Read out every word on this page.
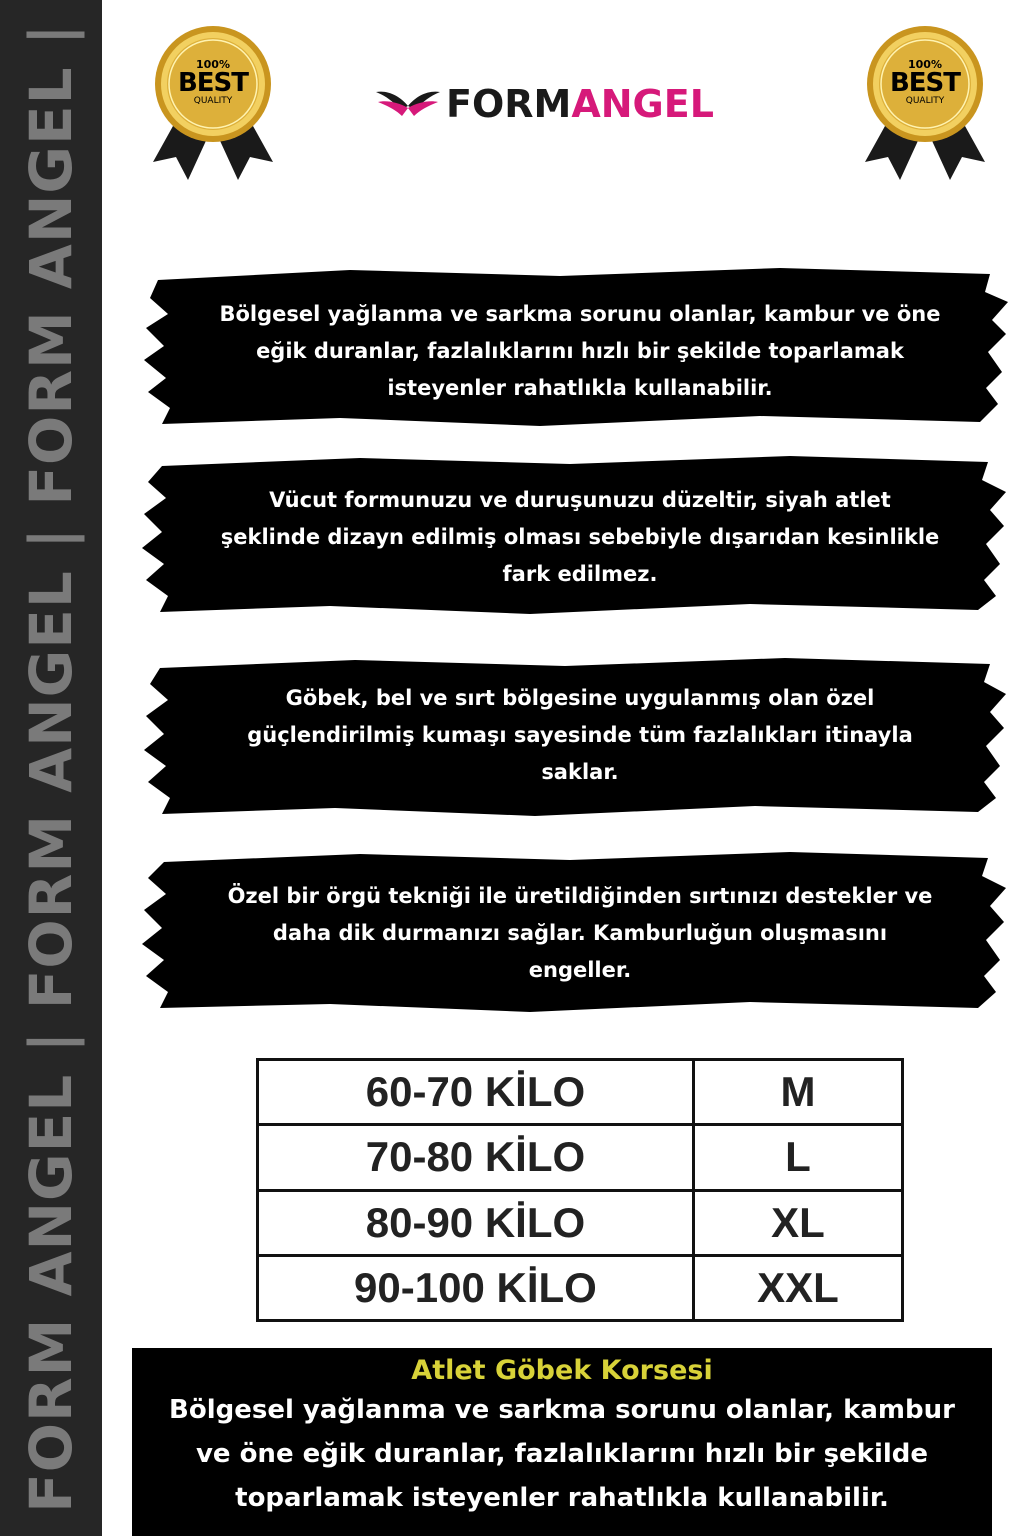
FORM ANGEL | FORM ANGEL | FORM ANGEL |	100%
BEST
QUALITY
100%
BEST
QUALITY
FORMANGEL
Bölgesel yağlanma ve sarkma sorunu olanlar, kambur ve öne
eğik duranlar, fazlalıklarını hızlı bir şekilde toparlamak
isteyenler rahatlıkla kullanabilir.
Vücut formunuzu ve duruşunuzu düzeltir, siyah atlet
şeklinde dizayn edilmiş olması sebebiyle dışarıdan kesinlikle
fark edilmez.
Göbek, bel ve sırt bölgesine uygulanmış olan özel
güçlendirilmiş kumaşı sayesinde tüm fazlalıkları itinayla
saklar.
Özel bir örgü tekniği ile üretildiğinden sırtınızı destekler ve
daha dik durmanızı sağlar. Kamburluğun oluşmasını
engeller.
60-70 KİLO	M
70-80 KİLO	L
80-90 KİLO	XL
90-100 KİLO	XXL
Atlet Göbek Korsesi
Bölgesel yağlanma ve sarkma sorunu olanlar, kambur
ve öne eğik duranlar, fazlalıklarını hızlı bir şekilde
toparlamak isteyenler rahatlıkla kullanabilir.
